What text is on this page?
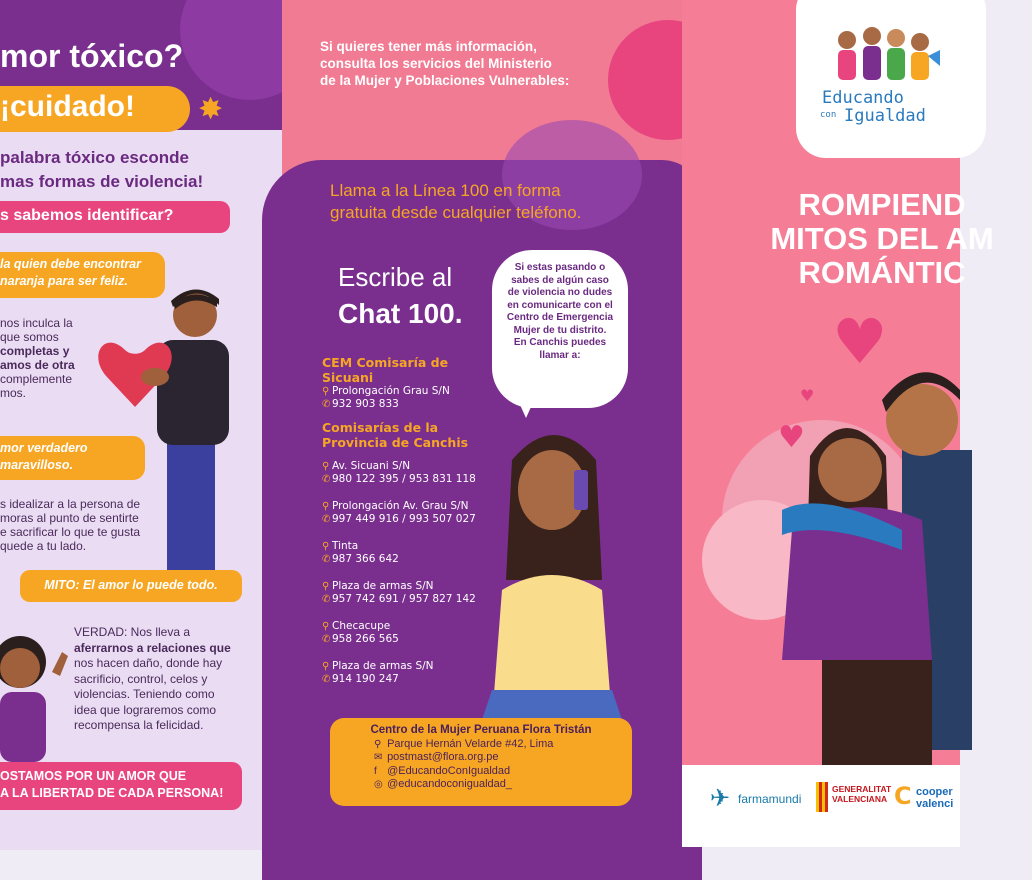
mor tóxico?
¡cuidado! ✸
palabra tóxico esconde
mas formas de violencia!
s sabemos identificar?
la quien debe encontrar
naranja para ser feliz.
nos inculca la
que somos
completas y
amos de otra
complemente
mos.
mor verdadero
maravilloso.
s idealizar a la persona de
moras al punto de sentirte
e sacrificar lo que te gusta
quede a tu lado.
MITO: El amor lo puede todo.
VERDAD: Nos lleva a
aferrarnos a relaciones que
nos hacen daño, donde hay
sacrificio, control, celos y
violencias. Teniendo como
idea que lograremos como
recompensa la felicidad.
OSTAMOS POR UN AMOR QUE
A LA LIBERTAD DE CADA PERSONA!
Si quieres tener más información,
consulta los servicios del Ministerio
de la Mujer y Poblaciones Vulnerables:
Llama a la Línea 100 en forma
gratuita desde cualquier teléfono.
Escribe al
Chat 100.
Si estas pasando o
sabes de algún caso
de violencia no dudes
en comunicarte con el
Centro de Emergencia
Mujer de tu distrito.
En Canchis puedes
llamar a:
CEM Comisaría de Sicuani
⚲ Prolongación Grau S/N
✆ 932 903 833
Comisarías de la
Provincia de Canchis
⚲ Av. Sicuani S/N
✆ 980 122 395 / 953 831 118
⚲ Prolongación Av. Grau S/N
✆ 997 449 916 / 993 507 027
⚲ Tinta
✆ 987 366 642
⚲ Plaza de armas S/N
✆ 957 742 691 / 957 827 142
⚲ Checacupe
✆ 958 266 565
⚲ Plaza de armas S/N
✆ 914 190 247
Centro de la Mujer Peruana Flora Tristán
⚲ Parque Hernán Velarde #42, Lima
✉ postmast@flora.org.pe
f @EducandoConIgualdad
◎ @educandoconigualdad_
Educando
con Igualdad
ROMPIEND
MITOS DEL AM
ROMÁNTIC
♥
♥
♥
✈ farmamundi
GENERALITAT
VALENCIANA C cooper
valenci
